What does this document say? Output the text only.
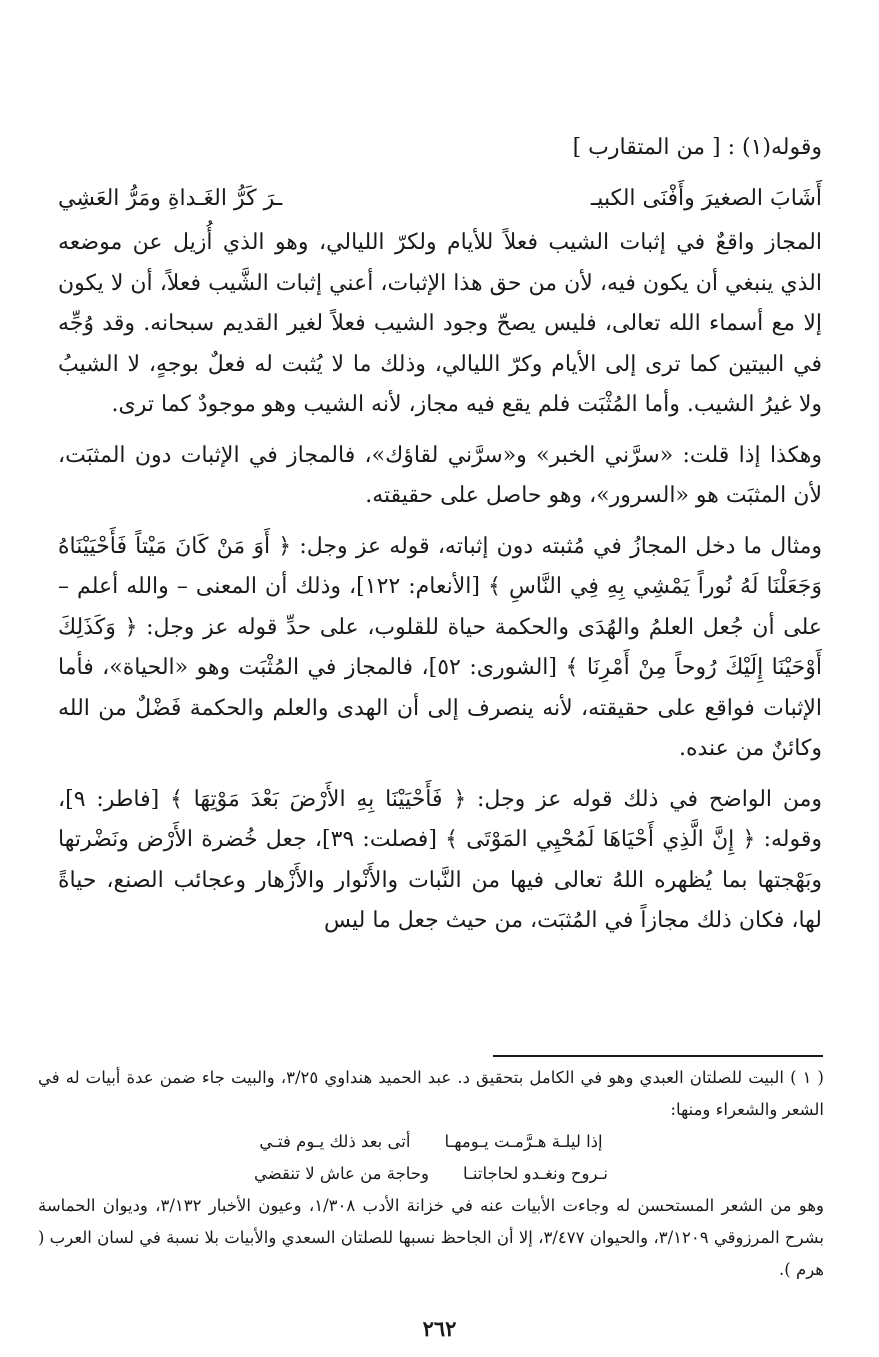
وقوله(١) : [ من المتقارب ]

أَشَابَ الصغيرَ وأَفْنَى الكبيـ
ـرَ كَرُّ الغَـداةِ ومَرُّ العَشِي

المجاز واقعٌ في إثبات الشيب فعلاً للأيام ولكرّ الليالي، وهو الذي أُزيل عن موضعه الذي ينبغي أن يكون فيه، لأن من حق هذا الإثبات، أعني إثبات الشَّيب فعلاً، أن لا يكون إلا مع أسماء الله تعالى، فليس يصحّ وجود الشيب فعلاً لغير القديم سبحانه. وقد وُجِّه في البيتين كما ترى إلى الأيام وكرّ الليالي، وذلك ما لا يُثبت له فعلٌ بوجهٍ، لا الشيبُ ولا غيرُ الشيب. وأما المُثْبَت فلم يقع فيه مجاز، لأنه الشيب وهو موجودٌ كما ترى.

وهكذا إذا قلت: «سرَّني الخبر» و«سرَّني لقاؤك»، فالمجاز في الإثبات دون المثبَت، لأن المثبَت هو «السرور»، وهو حاصل على حقيقته.

ومثال ما دخل المجازُ في مُثبته دون إثباته، قوله عز وجل: ﴿ أَوَ مَنْ كَانَ مَيْتاً فَأَحْيَيْنَاهُ وَجَعَلْنَا لَهُ نُوراً يَمْشِي بِهِ فِي النَّاسِ ﴾ [الأنعام: ١٢٢]، وذلك أن المعنى – والله أعلم – على أن جُعل العلمُ والهُدَى والحكمة حياة للقلوب، على حدِّ قوله عز وجل: ﴿ وَكَذَلِكَ أَوْحَيْنَا إِلَيْكَ رُوحاً مِنْ أَمْرِنَا ﴾ [الشورى: ٥٢]، فالمجاز في المُثْبَت وهو «الحياة»، فأما الإثبات فواقع على حقيقته، لأنه ينصرف إلى أن الهدى والعلم والحكمة فَضْلٌ من الله وكائنٌ من عنده.

ومن الواضح في ذلك قوله عز وجل: ﴿ فَأَحْيَيْنَا بِهِ الأَرْضَ بَعْدَ مَوْتِهَا ﴾ [فاطر: ٩]، وقوله: ﴿ إِنَّ الَّذِي أَحْيَاهَا لَمُحْيِي المَوْتَى ﴾ [فصلت: ٣٩]، جعل خُضرة الأَرْض ونَضْرتها وبَهْجتها بما يُظهره اللهُ تعالى فيها من النَّبات والأَنْوار والأَزْهار وعجائب الصنع، حياةً لها، فكان ذلك مجازاً في المُثبَت، من حيث جعل ما ليس

( ١ ) البيت للصلتان العبدي وهو في الكامل بتحقيق د. عبد الحميد هنداوي ٣/٢٥، والبيت جاء ضمن عدة أبيات له في الشعر والشعراء ومنها:

إذا ليلـة هـرَّمـت يـومهـا
أتى بعد ذلك يـوم فتـي
نـروح ونغـدو لحاجاتنـا
وحاجة من عاش لا تنقضي

وهو من الشعر المستحسن له وجاءت الأبيات عنه في خزانة الأدب ١/٣٠٨، وعيون الأخبار ٣/١٣٢، وديوان الحماسة بشرح المرزوقي ٣/١٢٠٩، والحيوان ٣/٤٧٧، إلا أن الجاحظ نسبها للصلتان السعدي والأبيات بلا نسبة في لسان العرب ( هرم ).

٢٦٢
